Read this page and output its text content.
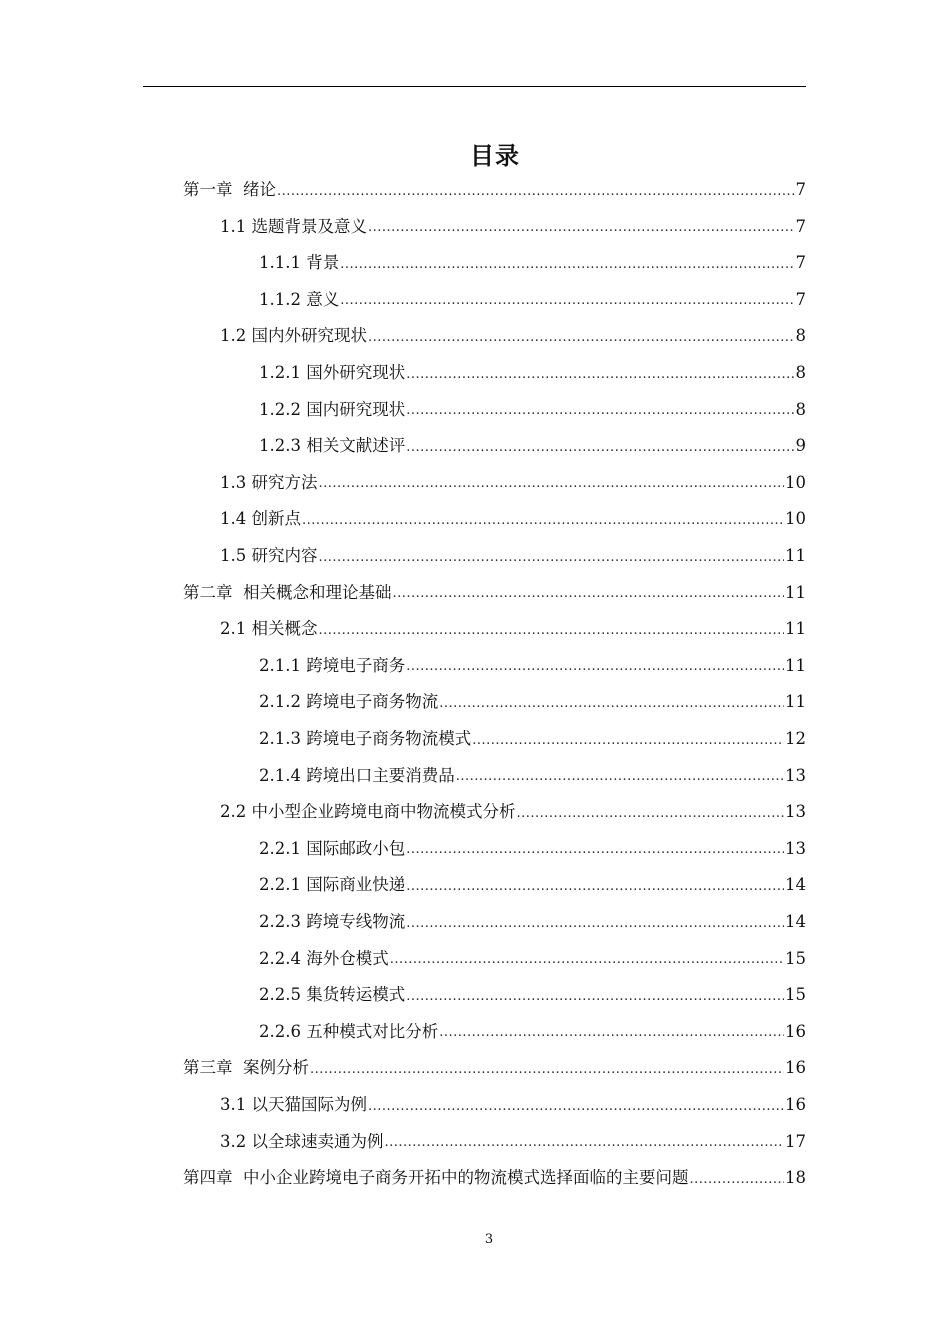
目录
第一章  绪论 .....	7
1.1 选题背景及意义 .....	7
1.1.1 背景 .....	7
1.1.2 意义 .....	7
1.2 国内外研究现状 .....	8
1.2.1 国外研究现状 .....	8
1.2.2 国内研究现状 .....	8
1.2.3 相关文献述评 .....	9
1.3 研究方法 .....	10
1.4 创新点 .....	10
1.5 研究内容 .....	11
第二章  相关概念和理论基础 .....	11
2.1 相关概念 .....	11
2.1.1 跨境电子商务 .....	11
2.1.2 跨境电子商务物流 .....	11
2.1.3 跨境电子商务物流模式 .....	12
2.1.4 跨境出口主要消费品 .....	13
2.2 中小型企业跨境电商中物流模式分析 .....	13
2.2.1 国际邮政小包 .....	13
2.2.1 国际商业快递 .....	14
2.2.3 跨境专线物流 .....	14
2.2.4 海外仓模式 .....	15
2.2.5 集货转运模式 .....	15
2.2.6 五种模式对比分析 .....	16
第三章  案例分析 .....	16
3.1 以天猫国际为例 .....	16
3.2 以全球速卖通为例 .....	17
第四章  中小企业跨境电子商务开拓中的物流模式选择面临的主要问题 .....	18
3
